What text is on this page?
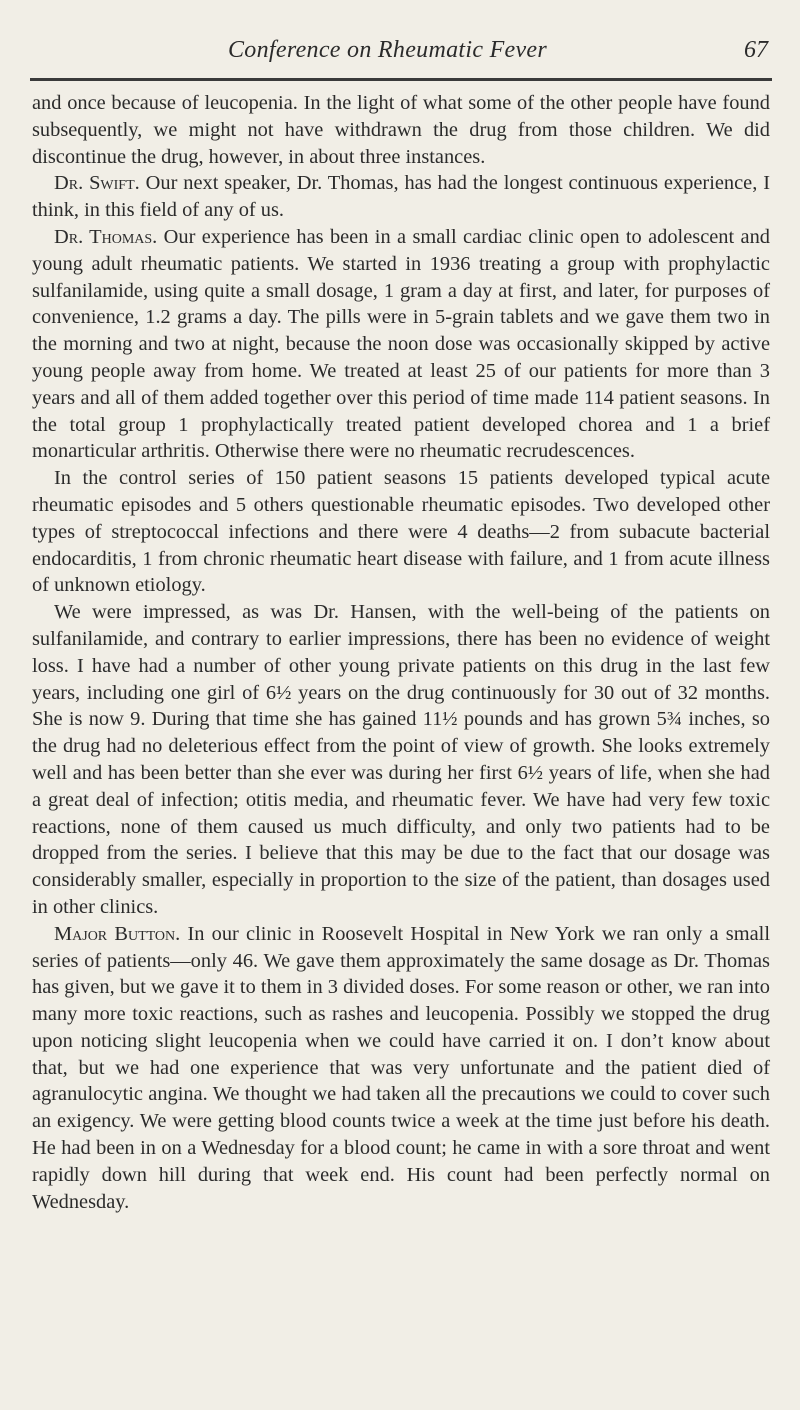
Conference on Rheumatic Fever	67

and once because of leucopenia. In the light of what some of the other people have found subsequently, we might not have withdrawn the drug from those children. We did discontinue the drug, however, in about three instances.

Dr. Swift. Our next speaker, Dr. Thomas, has had the longest continuous experience, I think, in this field of any of us.

Dr. Thomas. Our experience has been in a small cardiac clinic open to adolescent and young adult rheumatic patients. We started in 1936 treating a group with prophylactic sulfanilamide, using quite a small dosage, 1 gram a day at first, and later, for purposes of convenience, 1.2 grams a day. The pills were in 5-grain tablets and we gave them two in the morning and two at night, because the noon dose was occasionally skipped by active young people away from home. We treated at least 25 of our patients for more than 3 years and all of them added together over this period of time made 114 patient seasons. In the total group 1 prophylactically treated patient developed chorea and 1 a brief monarticular arthritis. Otherwise there were no rheumatic recrudescences.

In the control series of 150 patient seasons 15 patients developed typical acute rheumatic episodes and 5 others questionable rheumatic episodes. Two developed other types of streptococcal infections and there were 4 deaths—2 from subacute bacterial endocarditis, 1 from chronic rheumatic heart disease with failure, and 1 from acute illness of unknown etiology.

We were impressed, as was Dr. Hansen, with the well-being of the patients on sulfanilamide, and contrary to earlier impressions, there has been no evidence of weight loss. I have had a number of other young private patients on this drug in the last few years, including one girl of 6½ years on the drug continuously for 30 out of 32 months. She is now 9. During that time she has gained 11½ pounds and has grown 5¾ inches, so the drug had no deleterious effect from the point of view of growth. She looks extremely well and has been better than she ever was during her first 6½ years of life, when she had a great deal of infection; otitis media, and rheumatic fever. We have had very few toxic reactions, none of them caused us much difficulty, and only two patients had to be dropped from the series. I believe that this may be due to the fact that our dosage was considerably smaller, especially in proportion to the size of the patient, than dosages used in other clinics.

Major Button. In our clinic in Roosevelt Hospital in New York we ran only a small series of patients—only 46. We gave them approximately the same dosage as Dr. Thomas has given, but we gave it to them in 3 divided doses. For some reason or other, we ran into many more toxic reactions, such as rashes and leucopenia. Possibly we stopped the drug upon noticing slight leucopenia when we could have carried it on. I don’t know about that, but we had one experience that was very unfortunate and the patient died of agranulocytic angina. We thought we had taken all the precautions we could to cover such an exigency. We were getting blood counts twice a week at the time just before his death. He had been in on a Wednesday for a blood count; he came in with a sore throat and went rapidly down hill during that week end. His count had been perfectly normal on Wednesday.
